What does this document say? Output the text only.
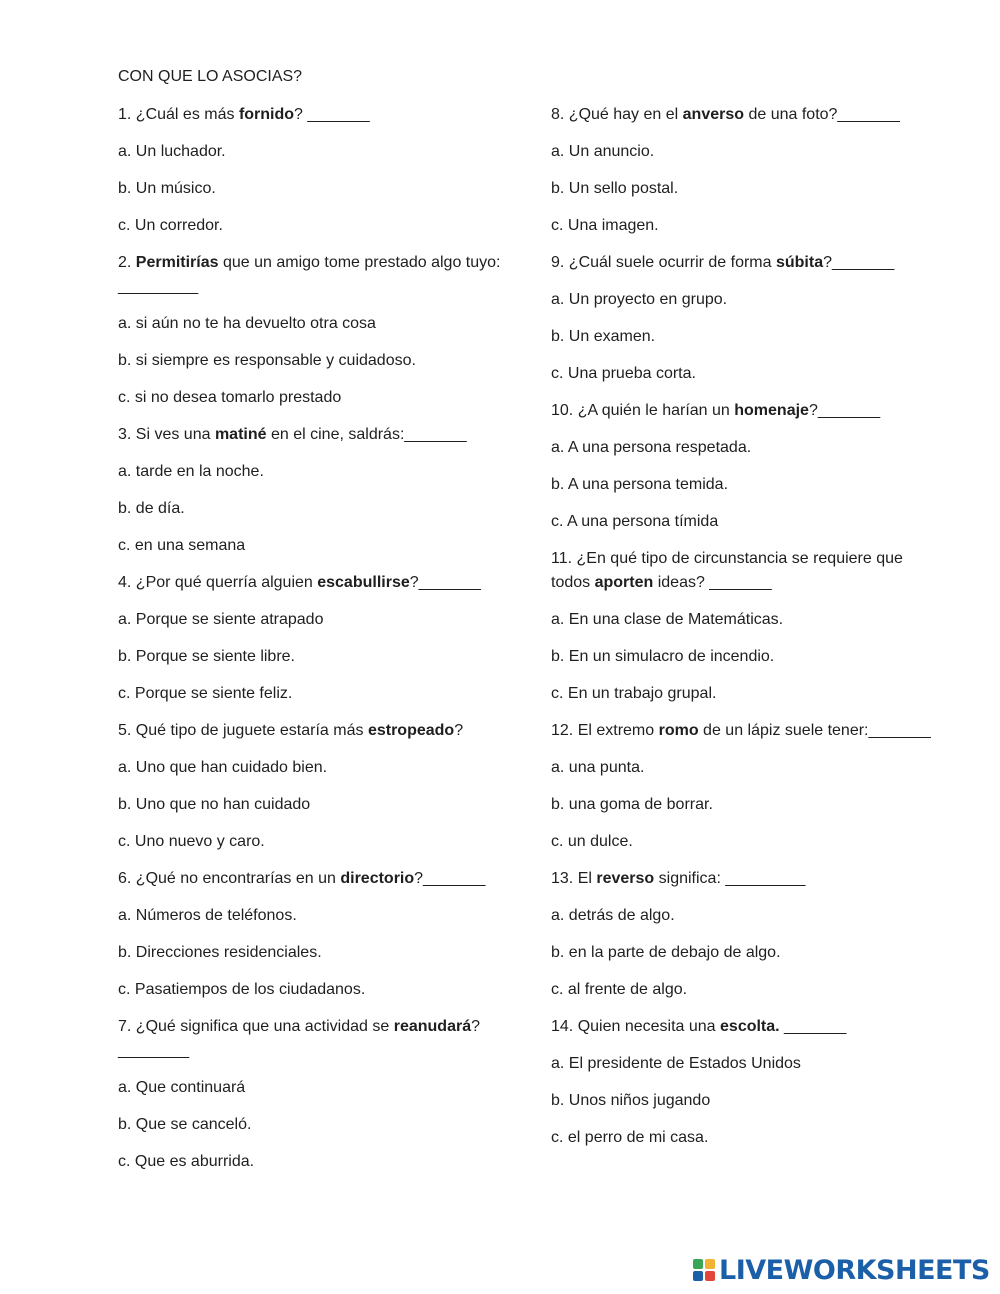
CON QUE LO ASOCIAS?
1. ¿Cuál es más fornido? _______
a. Un luchador.
b. Un músico.
c. Un corredor.
2. Permitirías que un amigo tome prestado algo tuyo: _________
a. si aún no te ha devuelto otra cosa
b. si siempre es responsable y cuidadoso.
c. si no desea tomarlo prestado
3. Si ves una matiné en el cine, saldrás:_______
a. tarde en la noche.
b. de día.
c. en una semana
4. ¿Por qué querría alguien escabullirse?_______
a. Porque se siente atrapado
b. Porque se siente libre.
c. Porque se siente feliz.
5. Qué tipo de juguete estaría más estropeado?
a. Uno que han cuidado bien.
b. Uno que no han cuidado
c. Uno nuevo y caro.
6. ¿Qué no encontrarías en un directorio?_______
a. Números de teléfonos.
b. Direcciones residenciales.
c. Pasatiempos de los ciudadanos.
7. ¿Qué significa que una actividad se reanudará? ________
a. Que continuará
b. Que se canceló.
c. Que es aburrida.
8. ¿Qué hay en el anverso de una foto?_______
a. Un anuncio.
b. Un sello postal.
c. Una imagen.
9. ¿Cuál suele ocurrir de forma súbita?_______
a. Un proyecto en grupo.
b. Un examen.
c. Una prueba corta.
10. ¿A quién le harían un homenaje?_______
a. A una persona respetada.
b. A una persona temida.
c. A una persona tímida
11. ¿En qué tipo de circunstancia se requiere que todos aporten ideas? _______
a. En una clase de Matemáticas.
b. En un simulacro de incendio.
c. En un trabajo grupal.
12. El extremo romo de un lápiz suele tener:_______
a. una punta.
b. una goma de borrar.
c. un dulce.
13. El reverso significa: _________
a. detrás de algo.
b. en la parte de debajo de algo.
c. al frente de algo.
14. Quien necesita una escolta. _______
a. El presidente de Estados Unidos
b. Unos niños jugando
c. el perro de mi casa.
LIVEWORKSHEETS
